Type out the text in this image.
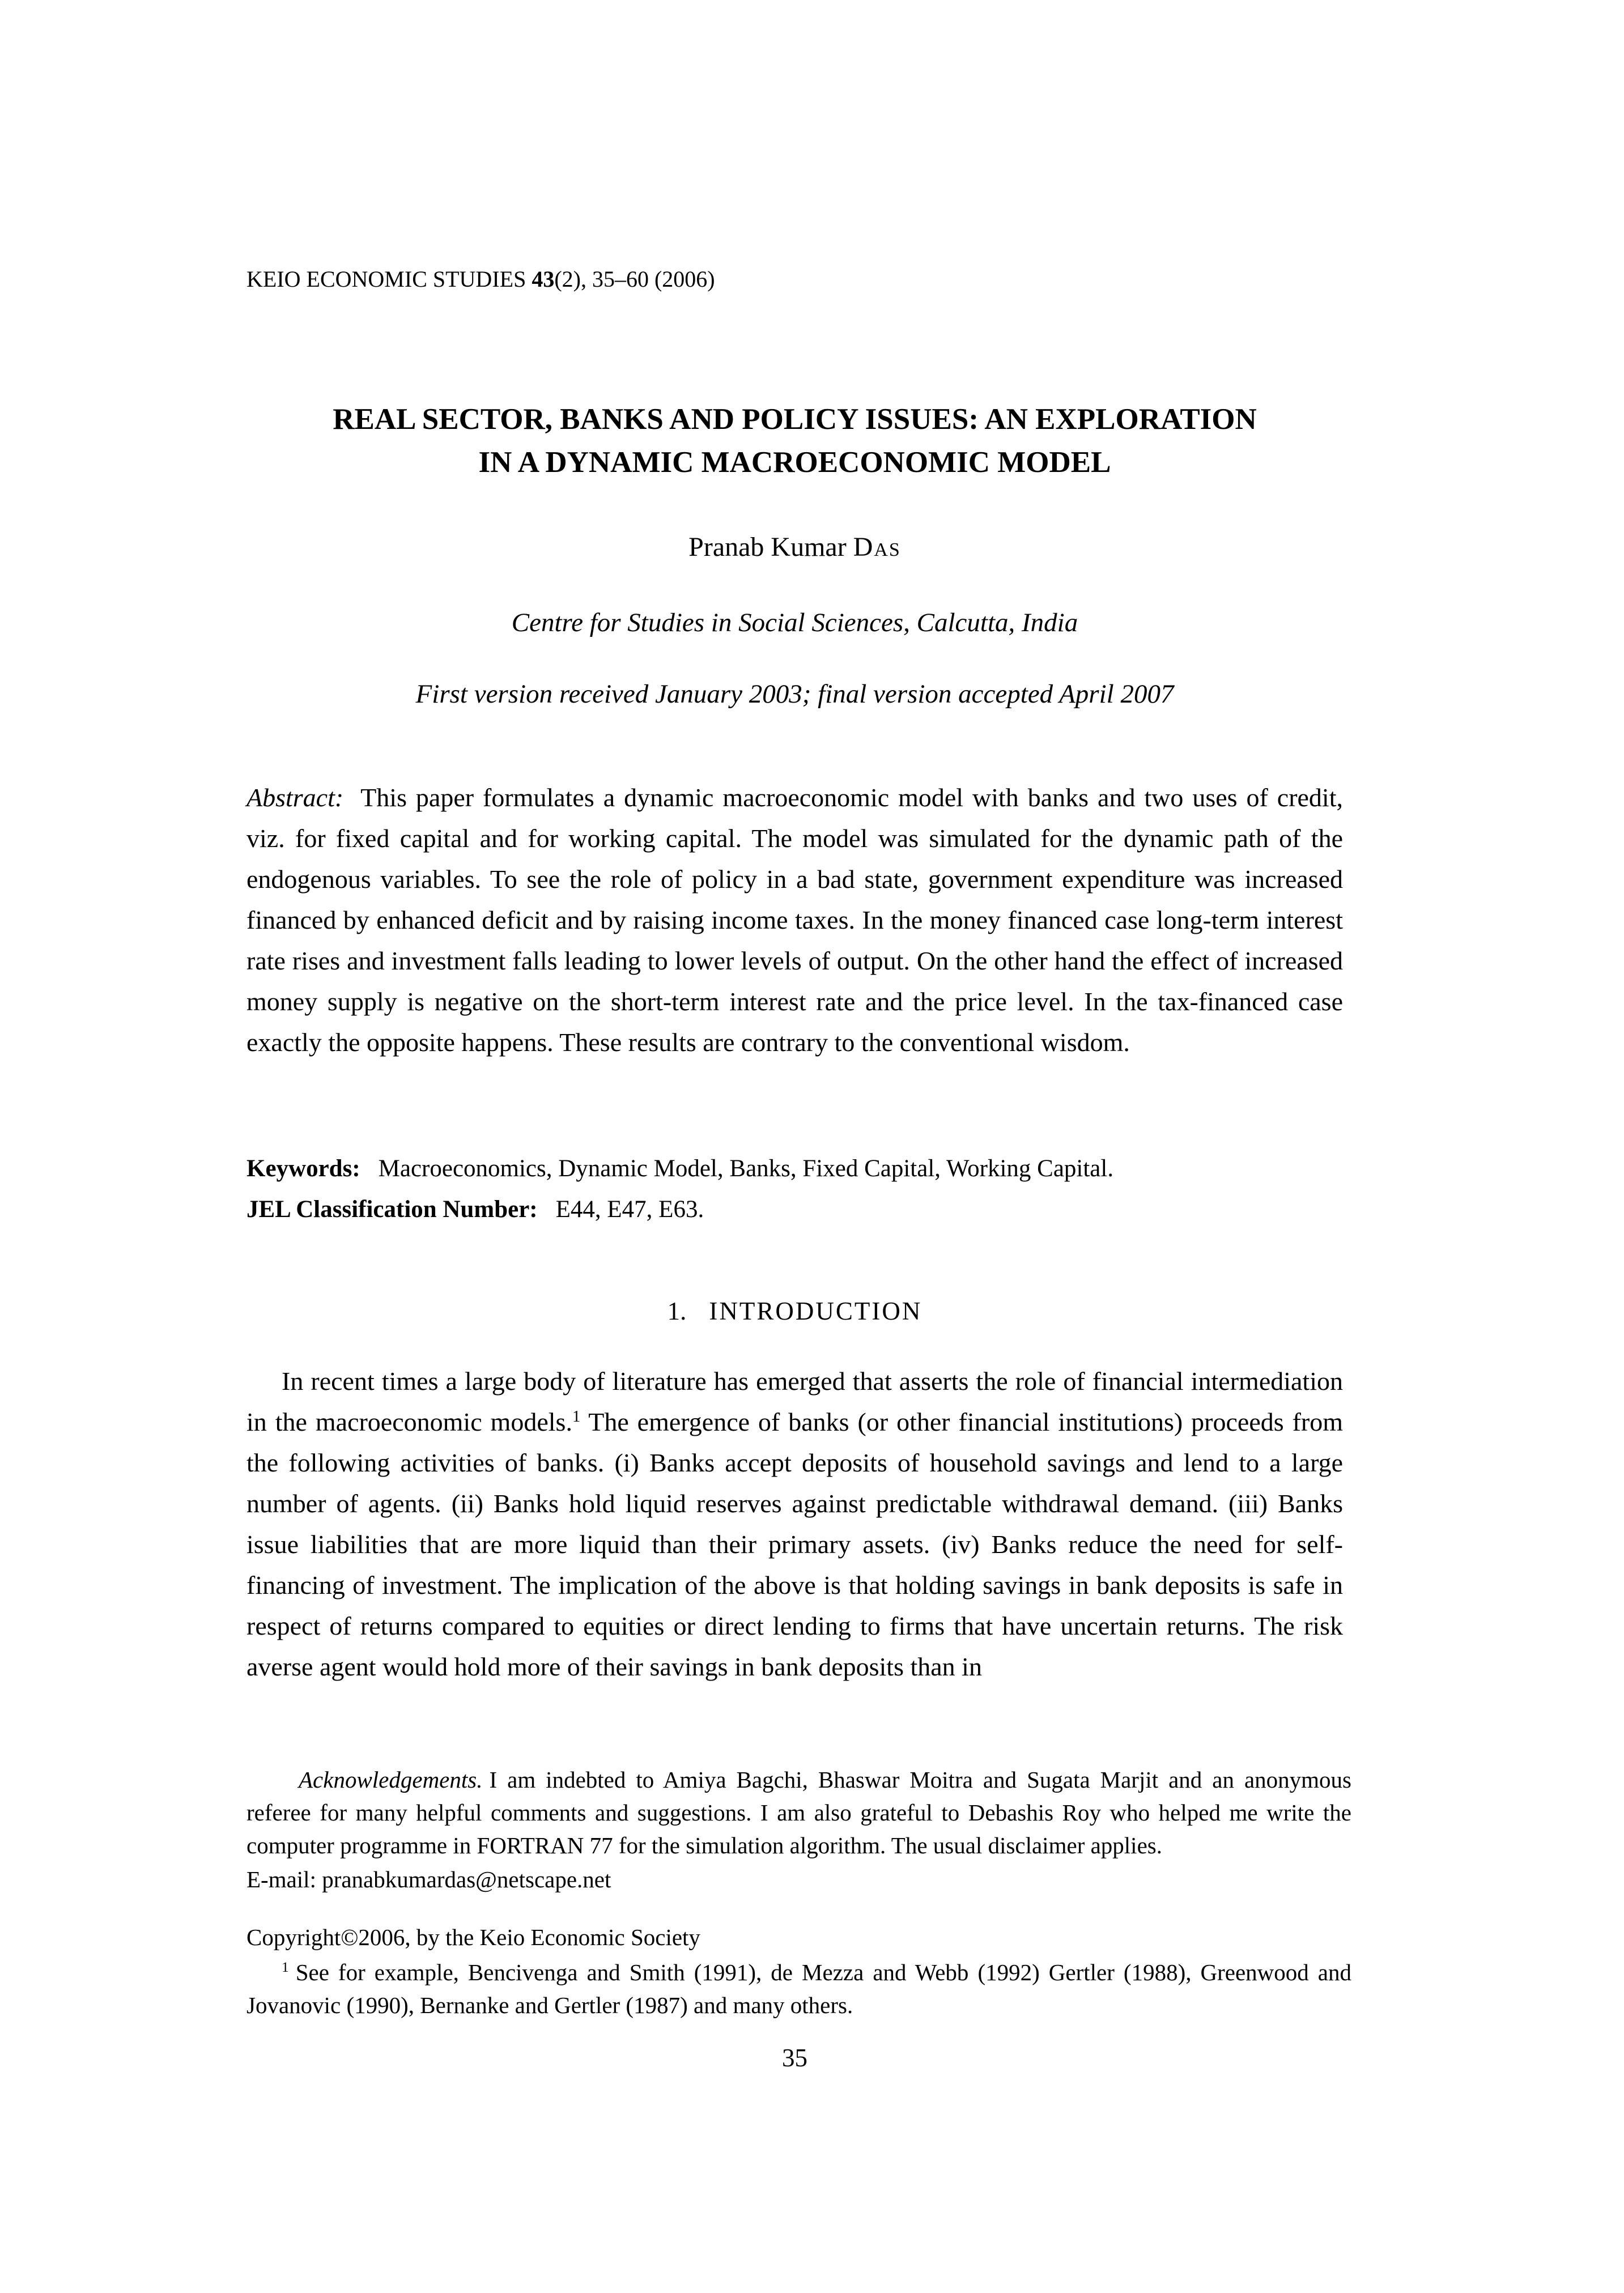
KEIO ECONOMIC STUDIES 43(2), 35–60 (2006)
REAL SECTOR, BANKS AND POLICY ISSUES: AN EXPLORATION
IN A DYNAMIC MACROECONOMIC MODEL
Pranab Kumar Das
Centre for Studies in Social Sciences, Calcutta, India
First version received January 2003; final version accepted April 2007

Abstract: This paper formulates a dynamic macroeconomic model with banks and two uses of credit, viz. for fixed capital and for working capital. The model was simulated for the dynamic path of the endogenous variables. To see the role of policy in a bad state, government expenditure was increased financed by enhanced deficit and by raising income taxes. In the money financed case long-term interest rate rises and investment falls leading to lower levels of output. On the other hand the effect of increased money supply is negative on the short-term interest rate and the price level. In the tax-financed case exactly the opposite happens. These results are contrary to the conventional wisdom.

Keywords: Macroeconomics, Dynamic Model, Banks, Fixed Capital, Working Capital.
JEL Classification Number: E44, E47, E63.
1. INTRODUCTION

In recent times a large body of literature has emerged that asserts the role of financial intermediation in the macroeconomic models.$^1$ The emergence of banks (or other financial institutions) proceeds from the following activities of banks. (i) Banks accept deposits of household savings and lend to a large number of agents. (ii) Banks hold liquid reserves against predictable withdrawal demand. (iii) Banks issue liabilities that are more liquid than their primary assets. (iv) Banks reduce the need for self-financing of investment. The implication of the above is that holding savings in bank deposits is safe in respect of returns compared to equities or direct lending to firms that have uncertain returns. The risk averse agent would hold more of their savings in bank deposits than in

Acknowledgements. I am indebted to Amiya Bagchi, Bhaswar Moitra and Sugata Marjit and an anonymous referee for many helpful comments and suggestions. I am also grateful to Debashis Roy who helped me write the computer programme in FORTRAN 77 for the simulation algorithm. The usual disclaimer applies.

E-mail: pranabkumardas@netscape.net
Copyright©2006, by the Keio Economic Society

$^1$ See for example, Bencivenga and Smith (1991), de Mezza and Webb (1992) Gertler (1988), Greenwood and Jovanovic (1990), Bernanke and Gertler (1987) and many others.

35
